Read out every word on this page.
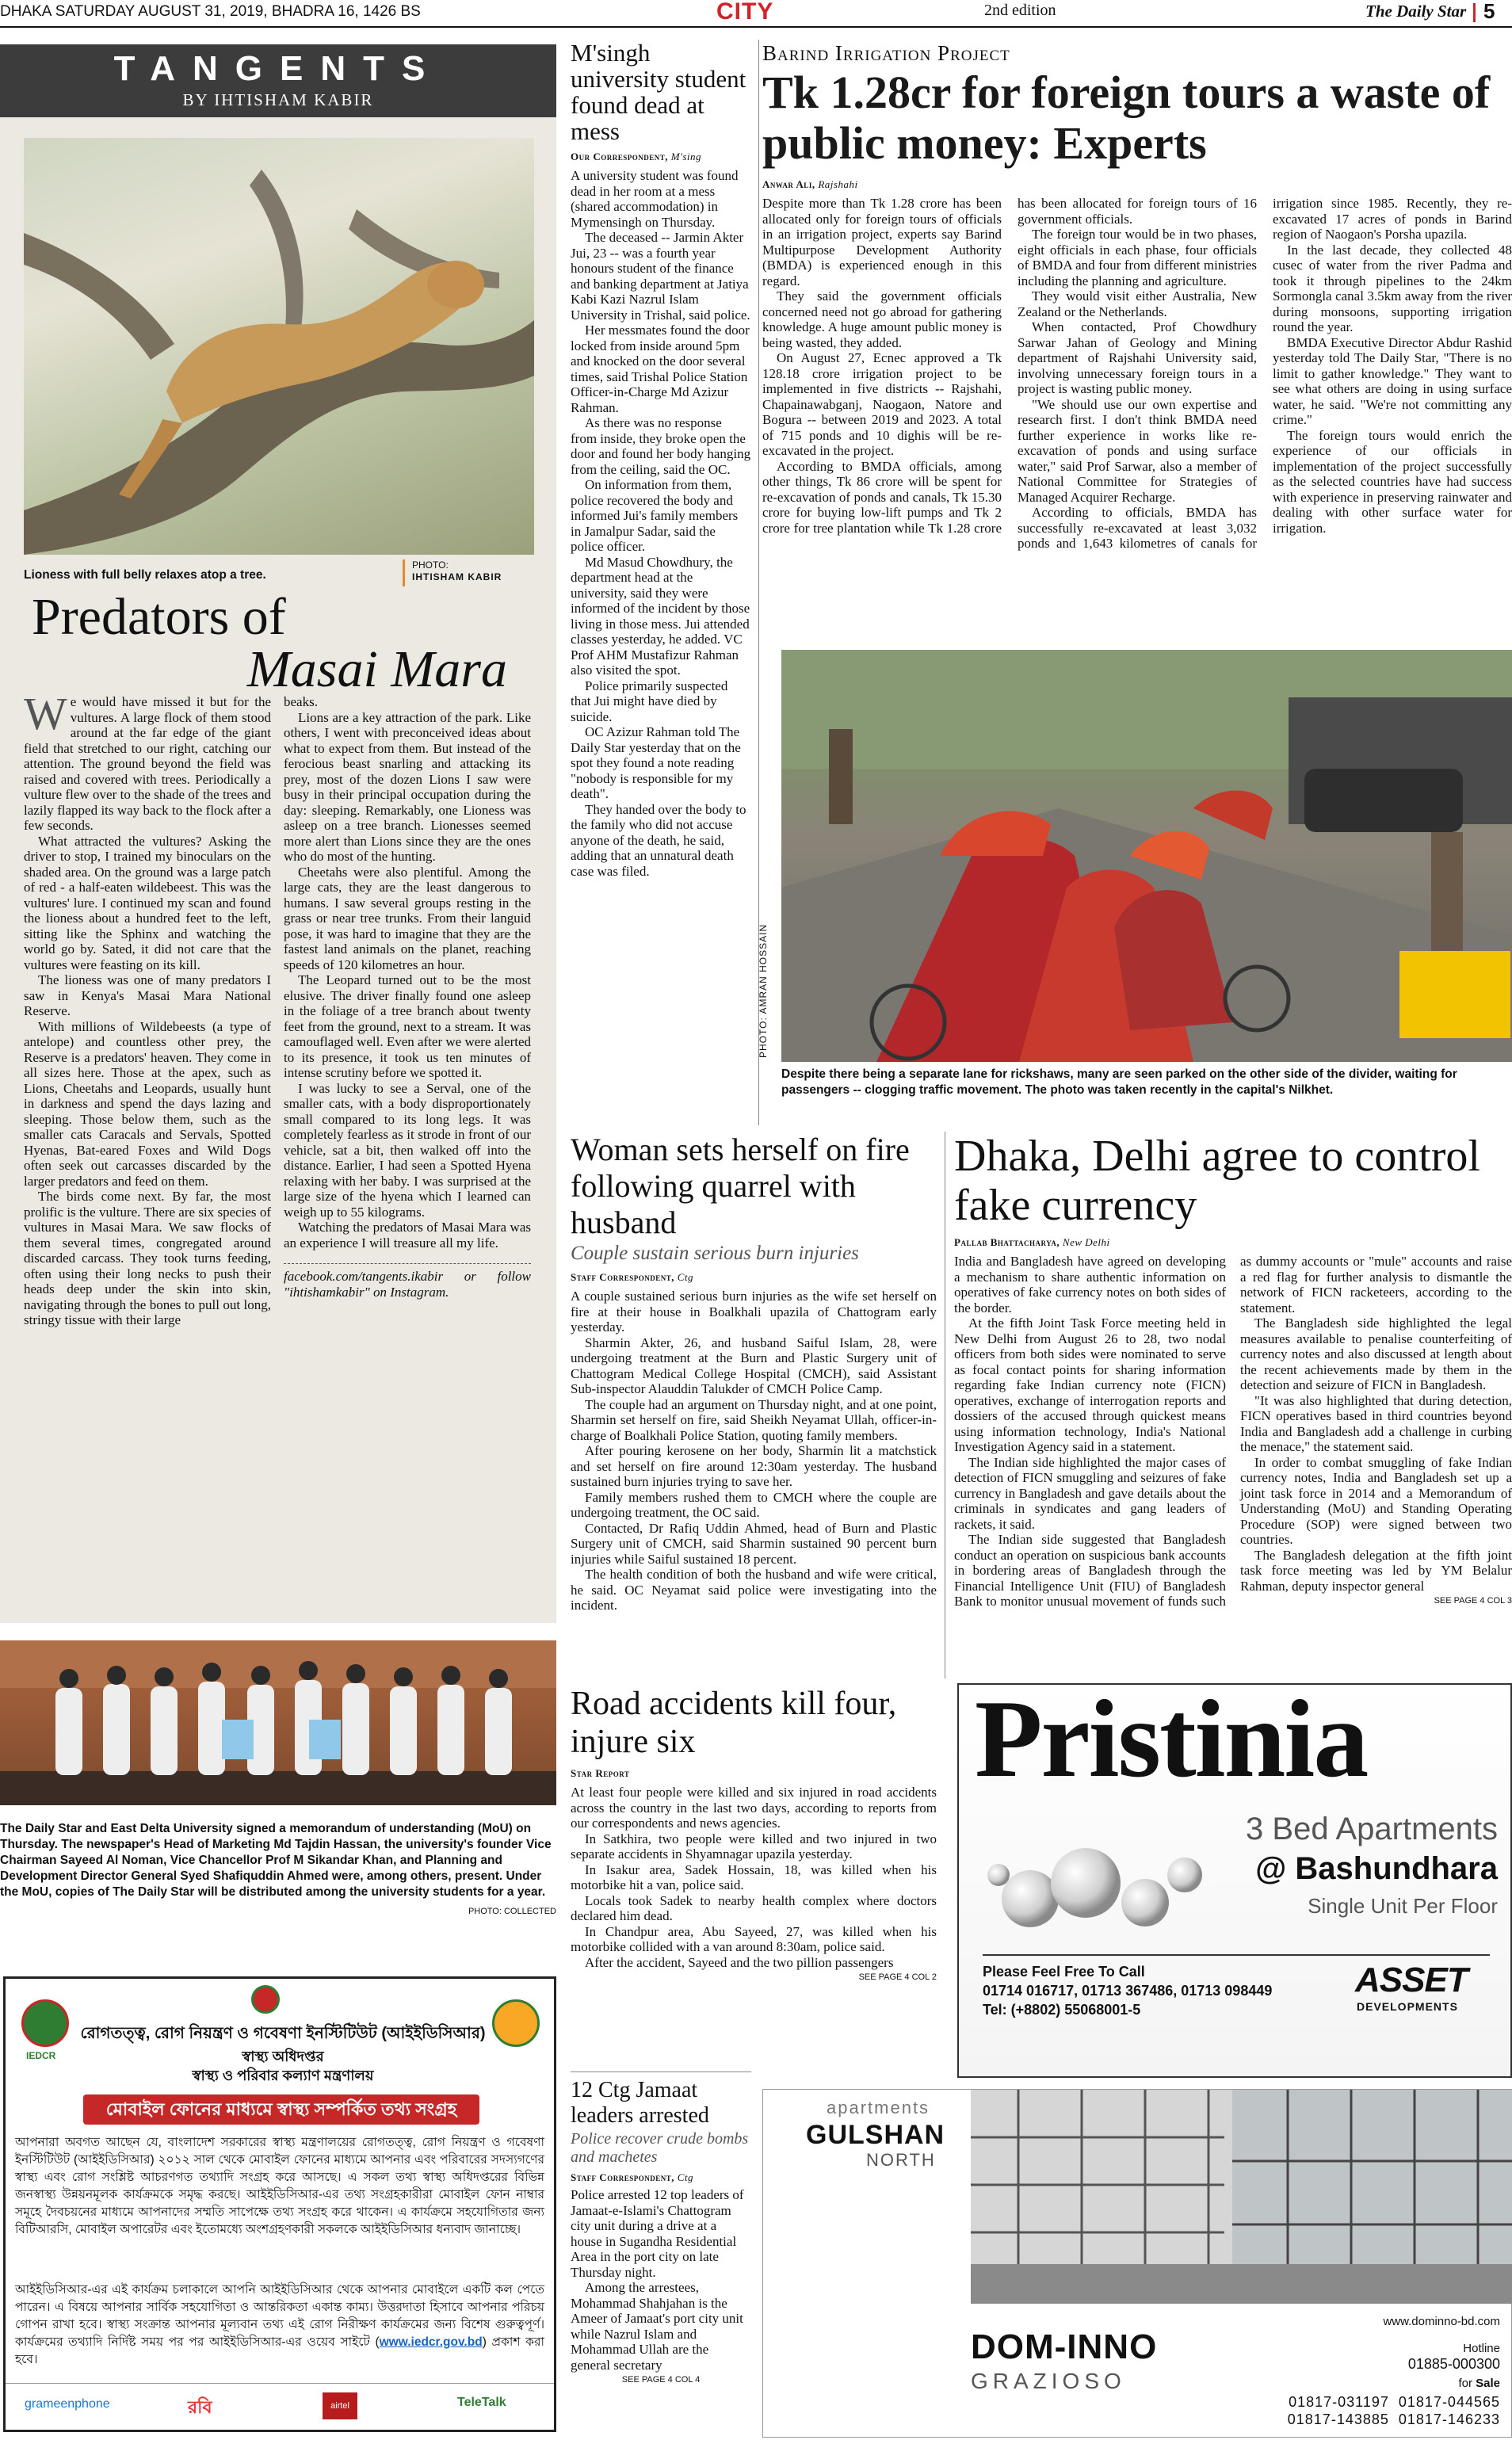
DHAKA SATURDAY AUGUST 31, 2019, BHADRA 16, 1426 BS	CITY	2nd edition	The Daily Star 5
TANGENTS
BY IHTISHAM KABIR
Lioness with full belly relaxes atop a tree.
PHOTO:
IHTISHAM KABIR
Predators of
Masai Mara
W e would have missed it but for the vultures. A large flock of them stood around at the far edge of the giant field that stretched to our right, catching our attention. The ground beyond the field was raised and covered with trees. Periodically a vulture flew over to the shade of the trees and lazily flapped its way back to the flock after a few seconds.

What attracted the vultures? Asking the driver to stop, I trained my binoculars on the shaded area. On the ground was a large patch of red - a half-eaten wildebeest. This was the vultures' lure. I continued my scan and found the lioness about a hundred feet to the left, sitting like the Sphinx and watching the world go by. Sated, it did not care that the vultures were feasting on its kill.

The lioness was one of many predators I saw in Kenya's Masai Mara National Reserve.

With millions of Wildebeests (a type of antelope) and countless other prey, the Reserve is a predators' heaven. They come in all sizes here. Those at the apex, such as Lions, Cheetahs and Leopards, usually hunt in darkness and spend the days lazing and sleeping. Those below them, such as the smaller cats Caracals and Servals, Spotted Hyenas, Bat-eared Foxes and Wild Dogs often seek out carcasses discarded by the larger predators and feed on them.

The birds come next. By far, the most prolific is the vulture. There are six species of vultures in Masai Mara. We saw flocks of them several times, congregated around discarded carcass. They took turns feeding, often using their long necks to push their heads deep under the skin into skin, navigating through the bones to pull out long, stringy tissue with their large

beaks.

Lions are a key attraction of the park. Like others, I went with preconceived ideas about what to expect from them. But instead of the ferocious beast snarling and attacking its prey, most of the dozen Lions I saw were busy in their principal occupation during the day: sleeping. Remarkably, one Lioness was asleep on a tree branch. Lionesses seemed more alert than Lions since they are the ones who do most of the hunting.

Cheetahs were also plentiful. Among the large cats, they are the least dangerous to humans. I saw several groups resting in the grass or near tree trunks. From their languid pose, it was hard to imagine that they are the fastest land animals on the planet, reaching speeds of 120 kilometres an hour.

The Leopard turned out to be the most elusive. The driver finally found one asleep in the foliage of a tree branch about twenty feet from the ground, next to a stream. It was camouflaged well. Even after we were alerted to its presence, it took us ten minutes of intense scrutiny before we spotted it.

I was lucky to see a Serval, one of the smaller cats, with a body disproportionately small compared to its long legs. It was completely fearless as it strode in front of our vehicle, sat a bit, then walked off into the distance. Earlier, I had seen a Spotted Hyena relaxing with her baby. I was surprised at the large size of the hyena which I learned can weigh up to 55 kilograms.

Watching the predators of Masai Mara was an experience I will treasure all my life.

facebook.com/tangents.ikabir or follow "ihtishamkabir" on Instagram.

M'singh university student found dead at mess
Our Correspondent, M'sing

A university student was found dead in her room at a mess (shared accommodation) in Mymensingh on Thursday.

The deceased -- Jarmin Akter Jui, 23 -- was a fourth year honours student of the finance and banking department at Jatiya Kabi Kazi Nazrul Islam University in Trishal, said police.

Her messmates found the door locked from inside around 5pm and knocked on the door several times, said Trishal Police Station Officer-in-Charge Md Azizur Rahman.

As there was no response from inside, they broke open the door and found her body hanging from the ceiling, said the OC.

On information from them, police recovered the body and informed Jui's family members in Jamalpur Sadar, said the police officer.

Md Masud Chowdhury, the department head at the university, said they were informed of the incident by those living in those mess. Jui attended classes yesterday, he added. VC Prof AHM Mustafizur Rahman also visited the spot.

Police primarily suspected that Jui might have died by suicide.

OC Azizur Rahman told The Daily Star yesterday that on the spot they found a note reading "nobody is responsible for my death".

They handed over the body to the family who did not accuse anyone of the death, he said, adding that an unnatural death case was filed.

Barind Irrigation Project
Tk 1.28cr for foreign tours a waste of public money: Experts
Anwar Ali, Rajshahi

Despite more than Tk 1.28 crore has been allocated only for foreign tours of officials in an irrigation project, experts say Barind Multipurpose Development Authority (BMDA) is experienced enough in this regard.

They said the government officials concerned need not go abroad for gathering knowledge. A huge amount public money is being wasted, they added.

On August 27, Ecnec approved a Tk 128.18 crore irrigation project to be implemented in five districts -- Rajshahi, Chapainawabganj, Naogaon, Natore and Bogura -- between 2019 and 2023. A total of 715 ponds and 10 dighis will be re-excavated in the project.

According to BMDA officials, among other things, Tk 86 crore will be spent for re-excavation of ponds and canals, Tk 15.30 crore for buying low-lift pumps and Tk 2 crore for tree plantation while Tk 1.28 crore has been allocated for foreign tours of 16 government officials.

The foreign tour would be in two phases, eight officials in each phase, four officials of BMDA and four from different ministries including the planning and agriculture.

They would visit either Australia, New Zealand or the Netherlands.

When contacted, Prof Chowdhury Sarwar Jahan of Geology and Mining department of Rajshahi University said, involving unnecessary foreign tours in a project is wasting public money.

"We should use our own expertise and research first. I don't think BMDA need further experience in works like re-excavation of ponds and using surface water," said Prof Sarwar, also a member of National Committee for Strategies of Managed Acquirer Recharge.

According to officials, BMDA has successfully re-excavated at least 3,032 ponds and 1,643 kilometres of canals for irrigation since 1985. Recently, they re-excavated 17 acres of ponds in Barind region of Naogaon's Porsha upazila.

In the last decade, they collected 48 cusec of water from the river Padma and took it through pipelines to the 24km Sormongla canal 3.5km away from the river during monsoons, supporting irrigation round the year.

BMDA Executive Director Abdur Rashid yesterday told The Daily Star, "There is no limit to gather knowledge." They want to see what others are doing in using surface water, he said. "We're not committing any crime."

The foreign tours would enrich the experience of our officials in implementation of the project successfully as the selected countries have had success with experience in preserving rainwater and dealing with other surface water for irrigation.

PHOTO: AMRAN HOSSAIN
Despite there being a separate lane for rickshaws, many are seen parked on the other side of the divider, waiting for passengers -- clogging traffic movement. The photo was taken recently in the capital's Nilkhet.
Woman sets herself on fire following quarrel with husband
Couple sustain serious burn injuries
Staff Correspondent, Ctg

A couple sustained serious burn injuries as the wife set herself on fire at their house in Boalkhali upazila of Chattogram early yesterday.

Sharmin Akter, 26, and husband Saiful Islam, 28, were undergoing treatment at the Burn and Plastic Surgery unit of Chattogram Medical College Hospital (CMCH), said Assistant Sub-inspector Alauddin Talukder of CMCH Police Camp.

The couple had an argument on Thursday night, and at one point, Sharmin set herself on fire, said Sheikh Neyamat Ullah, officer-in-charge of Boalkhali Police Station, quoting family members.

After pouring kerosene on her body, Sharmin lit a matchstick and set herself on fire around 12:30am yesterday. The husband sustained burn injuries trying to save her.

Family members rushed them to CMCH where the couple are undergoing treatment, the OC said.

Contacted, Dr Rafiq Uddin Ahmed, head of Burn and Plastic Surgery unit of CMCH, said Sharmin sustained 90 percent burn injuries while Saiful sustained 18 percent.

The health condition of both the husband and wife were critical, he said. OC Neyamat said police were investigating into the incident.

Dhaka, Delhi agree to control fake currency
Pallab Bhattacharya, New Delhi

India and Bangladesh have agreed on developing a mechanism to share authentic information on operatives of fake currency notes on both sides of the border.

At the fifth Joint Task Force meeting held in New Delhi from August 26 to 28, two nodal officers from both sides were nominated to serve as focal contact points for sharing information regarding fake Indian currency note (FICN) operatives, exchange of interrogation reports and dossiers of the accused through quickest means using information technology, India's National Investigation Agency said in a statement.

The Indian side highlighted the major cases of detection of FICN smuggling and seizures of fake currency in Bangladesh and gave details about the criminals in syndicates and gang leaders of rackets, it said.

The Indian side suggested that Bangladesh conduct an operation on suspicious bank accounts in bordering areas of Bangladesh through the Financial Intelligence Unit (FIU) of Bangladesh Bank to monitor unusual movement of funds such as dummy accounts or "mule" accounts and raise a red flag for further analysis to dismantle the network of FICN racketeers, according to the statement.

The Bangladesh side highlighted the legal measures available to penalise counterfeiting of currency notes and also discussed at length about the recent achievements made by them in the detection and seizure of FICN in Bangladesh.

"It was also highlighted that during detection, FICN operatives based in third countries beyond India and Bangladesh add a challenge in curbing the menace," the statement said.

In order to combat smuggling of fake Indian currency notes, India and Bangladesh set up a joint task force in 2014 and a Memorandum of Understanding (MoU) and Standing Operating Procedure (SOP) were signed between two countries.

The Bangladesh delegation at the fifth joint task force meeting was led by YM Belalur Rahman, deputy inspector general

SEE PAGE 4 COL 3
The Daily Star and East Delta University signed a memorandum of understanding (MoU) on Thursday. The newspaper's Head of Marketing Md Tajdin Hassan, the university's founder Vice Chairman Sayeed Al Noman, Vice Chancellor Prof M Sikandar Khan, and Planning and Development Director General Syed Shafiquddin Ahmed were, among others, present. Under the MoU, copies of The Daily Star will be distributed among the university students for a year.
PHOTO: COLLECTED
IEDCR
রোগতত্ত্ব, রোগ নিয়ন্ত্রণ ও গবেষণা ইনস্টিটিউট (আইইডিসিআর)
স্বাস্থ্য অধিদপ্তর
স্বাস্থ্য ও পরিবার কল্যাণ মন্ত্রণালয়
মোবাইল ফোনের মাধ্যমে স্বাস্থ্য সম্পর্কিত তথ্য সংগ্রহ
আপনারা অবগত আছেন যে, বাংলাদেশ সরকারের স্বাস্থ্য মন্ত্রণালয়ের রোগতত্ত্ব, রোগ নিয়ন্ত্রণ ও গবেষণা ইনস্টিটিউট (আইইডিসিআর) ২০১২ সাল থেকে মোবাইল ফোনের মাধ্যমে আপনার এবং পরিবারের সদস্যগণের স্বাস্থ্য এবং রোগ সংশ্লিষ্ট আচরণগত তথ্যাদি সংগ্রহ করে আসছে। এ সকল তথ্য স্বাস্থ্য অধিদপ্তরের বিভিন্ন জনস্বাস্থ্য উন্নয়নমূলক কার্যক্রমকে সমৃদ্ধ করছে। আইইডিসিআর-এর তথ্য সংগ্রহকারীরা মোবাইল ফোন নাম্বার সমূহে দৈবচয়নের মাধ্যমে আপনাদের সম্মতি সাপেক্ষে তথ্য সংগ্রহ করে থাকেন। এ কার্যক্রমে সহযোগিতার জন্য বিটিআরসি, মোবাইল অপারেটর এবং ইতোমধ্যে অংশগ্রহণকারী সকলকে আইইডিসিআর ধন্যবাদ জানাচ্ছে।
আইইডিসিআর-এর এই কার্যক্রম চলাকালে আপনি আইইডিসিআর থেকে আপনার মোবাইলে একটি কল পেতে পারেন। এ বিষয়ে আপনার সার্বিক সহযোগিতা ও আন্তরিকতা একান্ত কাম্য। উত্তরদাতা হিসাবে আপনার পরিচয় গোপন রাখা হবে। স্বাস্থ্য সংক্রান্ত আপনার মূল্যবান তথ্য এই রোগ নিরীক্ষণ কার্যক্রমের জন্য বিশেষ গুরুত্বপূর্ণ। কার্যক্রমের তথ্যাদি নির্দিষ্ট সময় পর পর আইইডিসিআর-এর ওয়েব সাইটে (www.iedcr.gov.bd) প্রকাশ করা হবে।
grameenphone	রবি	airtel	TeleTalk
Road accidents kill four, injure six
Star Report

At least four people were killed and six injured in road accidents across the country in the last two days, according to reports from our correspondents and news agencies.

In Satkhira, two people were killed and two injured in two separate accidents in Shyamnagar upazila yesterday.

In Isakur area, Sadek Hossain, 18, was killed when his motorbike hit a van, police said.

Locals took Sadek to nearby health complex where doctors declared him dead.

In Chandpur area, Abu Sayeed, 27, was killed when his motorbike collided with a van around 8:30am, police said.

After the accident, Sayeed and the two pillion passengers

SEE PAGE 4 COL 2
Pristinia
3 Bed Apartments
@ Bashundhara
Single Unit Per Floor
Please Feel Free To Call
01714 016717, 01713 367486, 01713 098449
Tel: (+8802) 55068001-5
ASSET
DEVELOPMENTS
12 Ctg Jamaat leaders arrested
Police recover crude bombs and machetes
Staff Correspondent, Ctg

Police arrested 12 top leaders of Jamaat-e-Islami's Chattogram city unit during a drive at a house in Sugandha Residential Area in the port city on late Thursday night.

Among the arrestees, Mohammad Shahjahan is the Ameer of Jamaat's port city unit while Nazrul Islam and Mohammad Ullah are the general secretary

SEE PAGE 4 COL 4
apartments
GULSHAN
NORTH
www.dominno-bd.com
DOM-INNO
GRAZIOSO
Hotline
01885-000300
for Sale
01817-031197  01817-044565
01817-143885  01817-146233
